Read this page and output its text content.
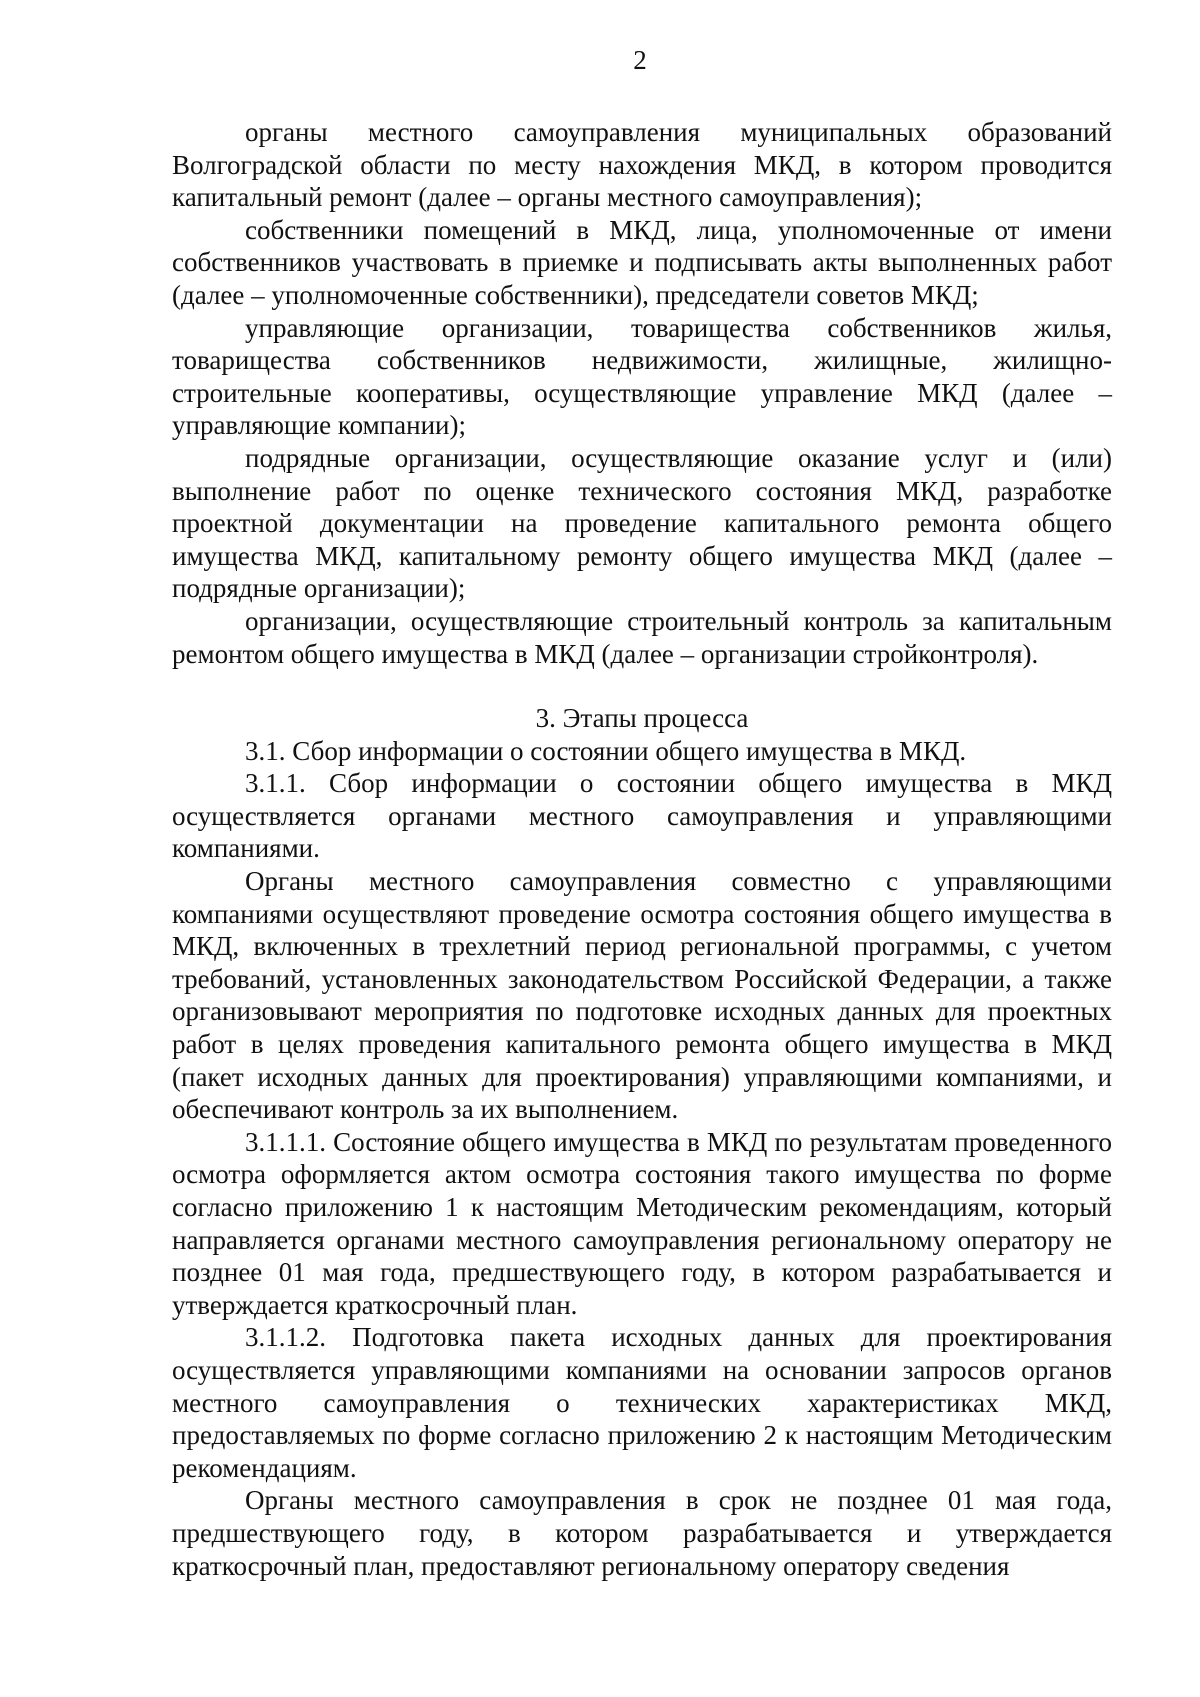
2

органы местного самоуправления муниципальных образований Волгоградской области по месту нахождения МКД, в котором проводится капитальный ремонт (далее – органы местного самоуправления);

собственники помещений в МКД, лица, уполномоченные от имени собственников участвовать в приемке и подписывать акты выполненных работ (далее – уполномоченные собственники), председатели советов МКД;

управляющие организации, товарищества собственников жилья, товарищества собственников недвижимости, жилищные, жилищно-строительные кооперативы, осуществляющие управление МКД (далее – управляющие компании);

подрядные организации, осуществляющие оказание услуг и (или) выполнение работ по оценке технического состояния МКД, разработке проектной документации на проведение капитального ремонта общего имущества МКД, капитальному ремонту общего имущества МКД (далее – подрядные организации);

организации, осуществляющие строительный контроль за капитальным ремонтом общего имущества в МКД (далее – организации стройконтроля).

3. Этапы процесса

3.1. Сбор информации о состоянии общего имущества в МКД.

3.1.1. Сбор информации о состоянии общего имущества в МКД осуществляется органами местного самоуправления и управляющими компаниями.

Органы местного самоуправления совместно с управляющими компаниями осуществляют проведение осмотра состояния общего имущества в МКД, включенных в трехлетний период региональной программы, с учетом требований, установленных законодательством Российской Федерации, а также организовывают мероприятия по подготовке исходных данных для проектных работ в целях проведения капитального ремонта общего имущества в МКД (пакет исходных данных для проектирования) управляющими компаниями, и обеспечивают контроль за их выполнением.

3.1.1.1. Состояние общего имущества в МКД по результатам проведенного осмотра оформляется актом осмотра состояния такого имущества по форме согласно приложению 1 к настоящим Методическим рекомендациям, который направляется органами местного самоуправления региональному оператору не позднее 01 мая года, предшествующего году, в котором разрабатывается и утверждается краткосрочный план.

3.1.1.2. Подготовка пакета исходных данных для проектирования осуществляется управляющими компаниями на основании запросов органов местного самоуправления о технических характеристиках МКД, предоставляемых по форме согласно приложению 2 к настоящим Методическим рекомендациям.

Органы местного самоуправления в срок не позднее 01 мая года, предшествующего году, в котором разрабатывается и утверждается краткосрочный план, предоставляют региональному оператору сведения
